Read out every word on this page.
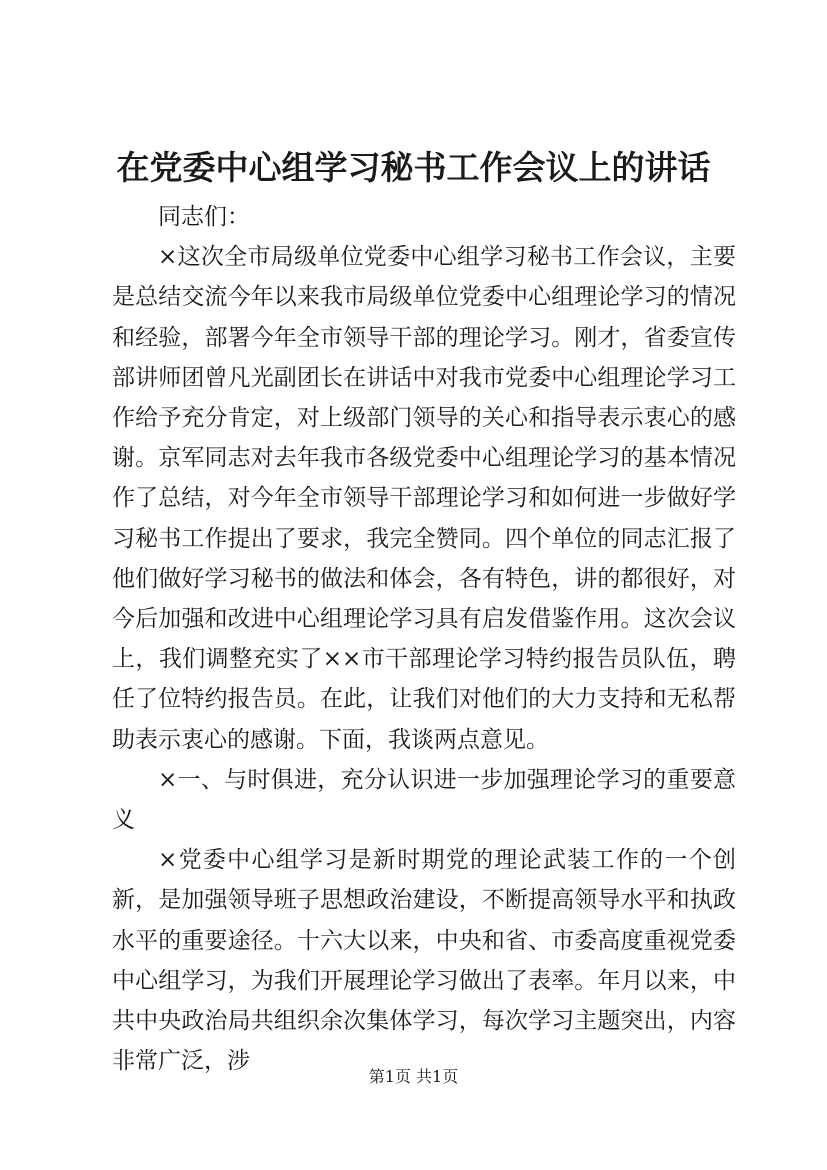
在党委中心组学习秘书工作会议上的讲话

同志们：

×这次全市局级单位党委中心组学习秘书工作会议，主要是总结交流今年以来我市局级单位党委中心组理论学习的情况和经验，部署今年全市领导干部的理论学习。刚才，省委宣传部讲师团曾凡光副团长在讲话中对我市党委中心组理论学习工作给予充分肯定，对上级部门领导的关心和指导表示衷心的感谢。京军同志对去年我市各级党委中心组理论学习的基本情况作了总结，对今年全市领导干部理论学习和如何进一步做好学习秘书工作提出了要求，我完全赞同。四个单位的同志汇报了他们做好学习秘书的做法和体会，各有特色，讲的都很好，对今后加强和改进中心组理论学习具有启发借鉴作用。这次会议上，我们调整充实了××市干部理论学习特约报告员队伍，聘任了位特约报告员。在此，让我们对他们的大力支持和无私帮助表示衷心的感谢。下面，我谈两点意见。

×一、与时俱进，充分认识进一步加强理论学习的重要意义

×党委中心组学习是新时期党的理论武装工作的一个创新，是加强领导班子思想政治建设，不断提高领导水平和执政水平的重要途径。十六大以来，中央和省、市委高度重视党委中心组学习，为我们开展理论学习做出了表率。年月以来，中共中央政治局共组织余次集体学习，每次学习主题突出，内容非常广泛，涉

第1页 共1页
